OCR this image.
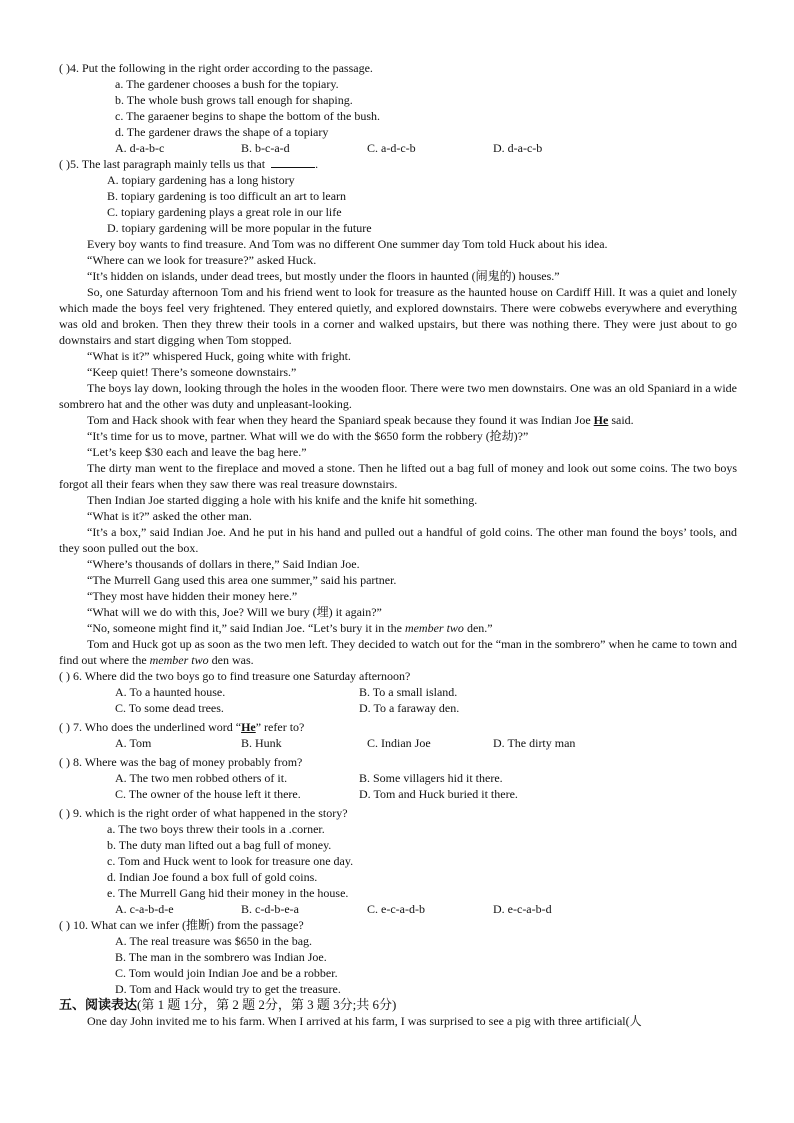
( )4. Put the following in the right order according to the passage.
a. The gardener chooses a bush for the topiary.
b. The whole bush grows tall enough for shaping.
c. The garaener begins to shape the bottom of the bush.
d. The gardener draws the shape of a topiary
A. d-a-b-c	B. b-c-a-d	C. a-d-c-b	D. d-a-c-b
( )5. The last paragraph mainly tells us that	.
A. topiary gardening has a long history
B. topiary gardening is too difficult an art to learn
C. topiary gardening plays a great role in our life
D. topiary gardening will be more popular in the future
Every boy wants to find treasure. And Tom was no different One summer day Tom told Huck about his idea.
“Where can we look for treasure?” asked Huck.
“It’s hidden on islands, under dead trees, but mostly under the floors in haunted (闹鬼的) houses.”
So, one Saturday afternoon Tom and his friend went to look for treasure as the haunted house on Cardiff Hill. It was a quiet and lonely which made the boys feel very frightened. They entered quietly, and explored downstairs. There were cobwebs everywhere and everything was old and broken. Then they threw their tools in a corner and walked upstairs, but there was nothing there. They were just about to go downstairs and start digging when Tom stopped.
“What is it?” whispered Huck, going white with fright.
“Keep quiet! There’s someone downstairs.”
The boys lay down, looking through the holes in the wooden floor. There were two men downstairs. One was an old Spaniard in a wide sombrero hat and the other was duty and unpleasant-looking.
Tom and Hack shook with fear when they heard the Spaniard speak because they found it was Indian Joe He said.
“It’s time for us to move, partner. What will we do with the $650 form the robbery (抢劫)?”
“Let’s keep $30 each and leave the bag here.”
The dirty man went to the fireplace and moved a stone. Then he lifted out a bag full of money and look out some coins. The two boys forgot all their fears when they saw there was real treasure downstairs.
Then Indian Joe started digging a hole with his knife and the knife hit something.
“What is it?” asked the other man.
“It’s a box,” said Indian Joe. And he put in his hand and pulled out a handful of gold coins. The other man found the boys’ tools, and they soon pulled out the box.
“Where’s thousands of dollars in there,” Said Indian Joe.
“The Murrell Gang used this area one summer,” said his partner.
“They most have hidden their money here.”
“What will we do with this, Joe? Will we bury (埋) it again?”
“No, someone might find it,” said Indian Joe. “Let’s bury it in the member two den.”
Tom and Huck got up as soon as the two men left. They decided to watch out for the “man in the sombrero” when he came to town and find out where the member two den was.
( ) 6. Where did the two boys go to find treasure one Saturday afternoon?
A. To a haunted house.	B. To a small island.
C. To some dead trees.	D. To a faraway den.
( ) 7. Who does the underlined word “He” refer to?
A. Tom	B. Hunk	C. Indian Joe	D. The dirty man
( ) 8. Where was the bag of money probably from?
A. The two men robbed others of it.	B. Some villagers hid it there.
C. The owner of the house left it there.	D. Tom and Huck buried it there.
( ) 9. which is the right order of what happened in the story?
a. The two boys threw their tools in a .corner.
b. The duty man lifted out a bag full of money.
c. Tom and Huck went to look for treasure one day.
d. Indian Joe found a box full of gold coins.
e. The Murrell Gang hid their money in the house.
A. c-a-b-d-e	B. c-d-b-e-a	C. e-c-a-d-b	D. e-c-a-b-d
( ) 10. What can we infer (推断) from the passage?
A. The real treasure was $650 in the bag.
B. The man in the sombrero was Indian Joe.
C. Tom would join Indian Joe and be a robber.
D. Tom and Hack would try to get the treasure.
五、阅读表达(第 1 题 1分，第 2 题 2分，第 3 题 3分;共 6分)
One day John invited me to his farm. When I arrived at his farm, I was surprised to see a pig with three artificial(人
